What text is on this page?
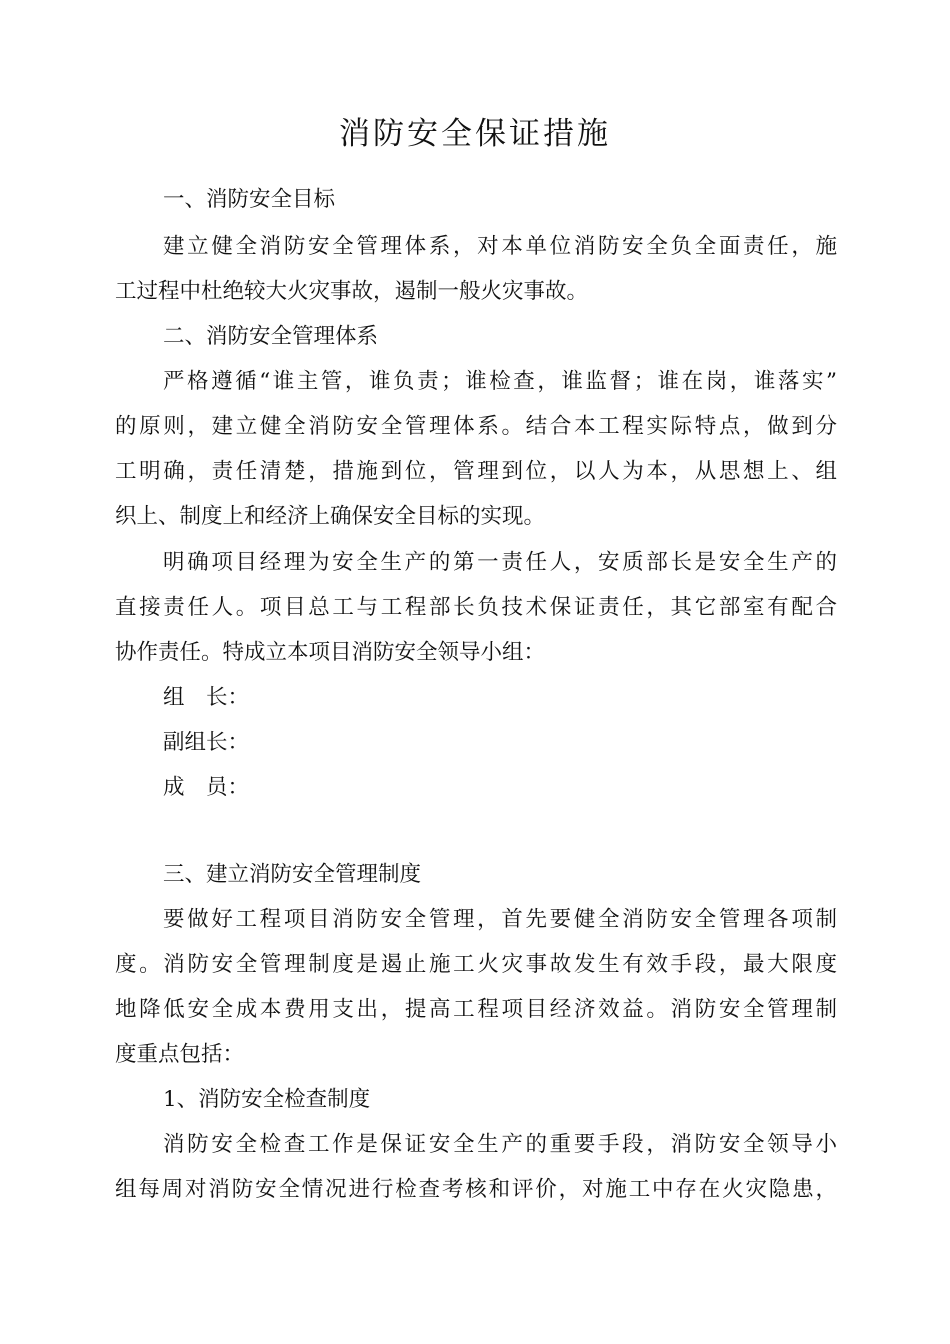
消防安全保证措施
一、消防安全目标
建立健全消防安全管理体系，对本单位消防安全负全面责任，施
工过程中杜绝较大火灾事故，遏制一般火灾事故。
二、消防安全管理体系
严格遵循“谁主管，谁负责；谁检查，谁监督；谁在岗，谁落实”
的原则，建立健全消防安全管理体系。结合本工程实际特点，做到分
工明确，责任清楚，措施到位，管理到位，以人为本，从思想上、组
织上、制度上和经济上确保安全目标的实现。
明确项目经理为安全生产的第一责任人，安质部长是安全生产的
直接责任人。项目总工与工程部长负技术保证责任，其它部室有配合
协作责任。特成立本项目消防安全领导小组：
组　长：
副组长：
成　员：
三、建立消防安全管理制度
要做好工程项目消防安全管理，首先要健全消防安全管理各项制
度。消防安全管理制度是遏止施工火灾事故发生有效手段，最大限度
地降低安全成本费用支出，提高工程项目经济效益。消防安全管理制
度重点包括：
1、消防安全检查制度
消防安全检查工作是保证安全生产的重要手段，消防安全领导小
组每周对消防安全情况进行检查考核和评价，对施工中存在火灾隐患，
